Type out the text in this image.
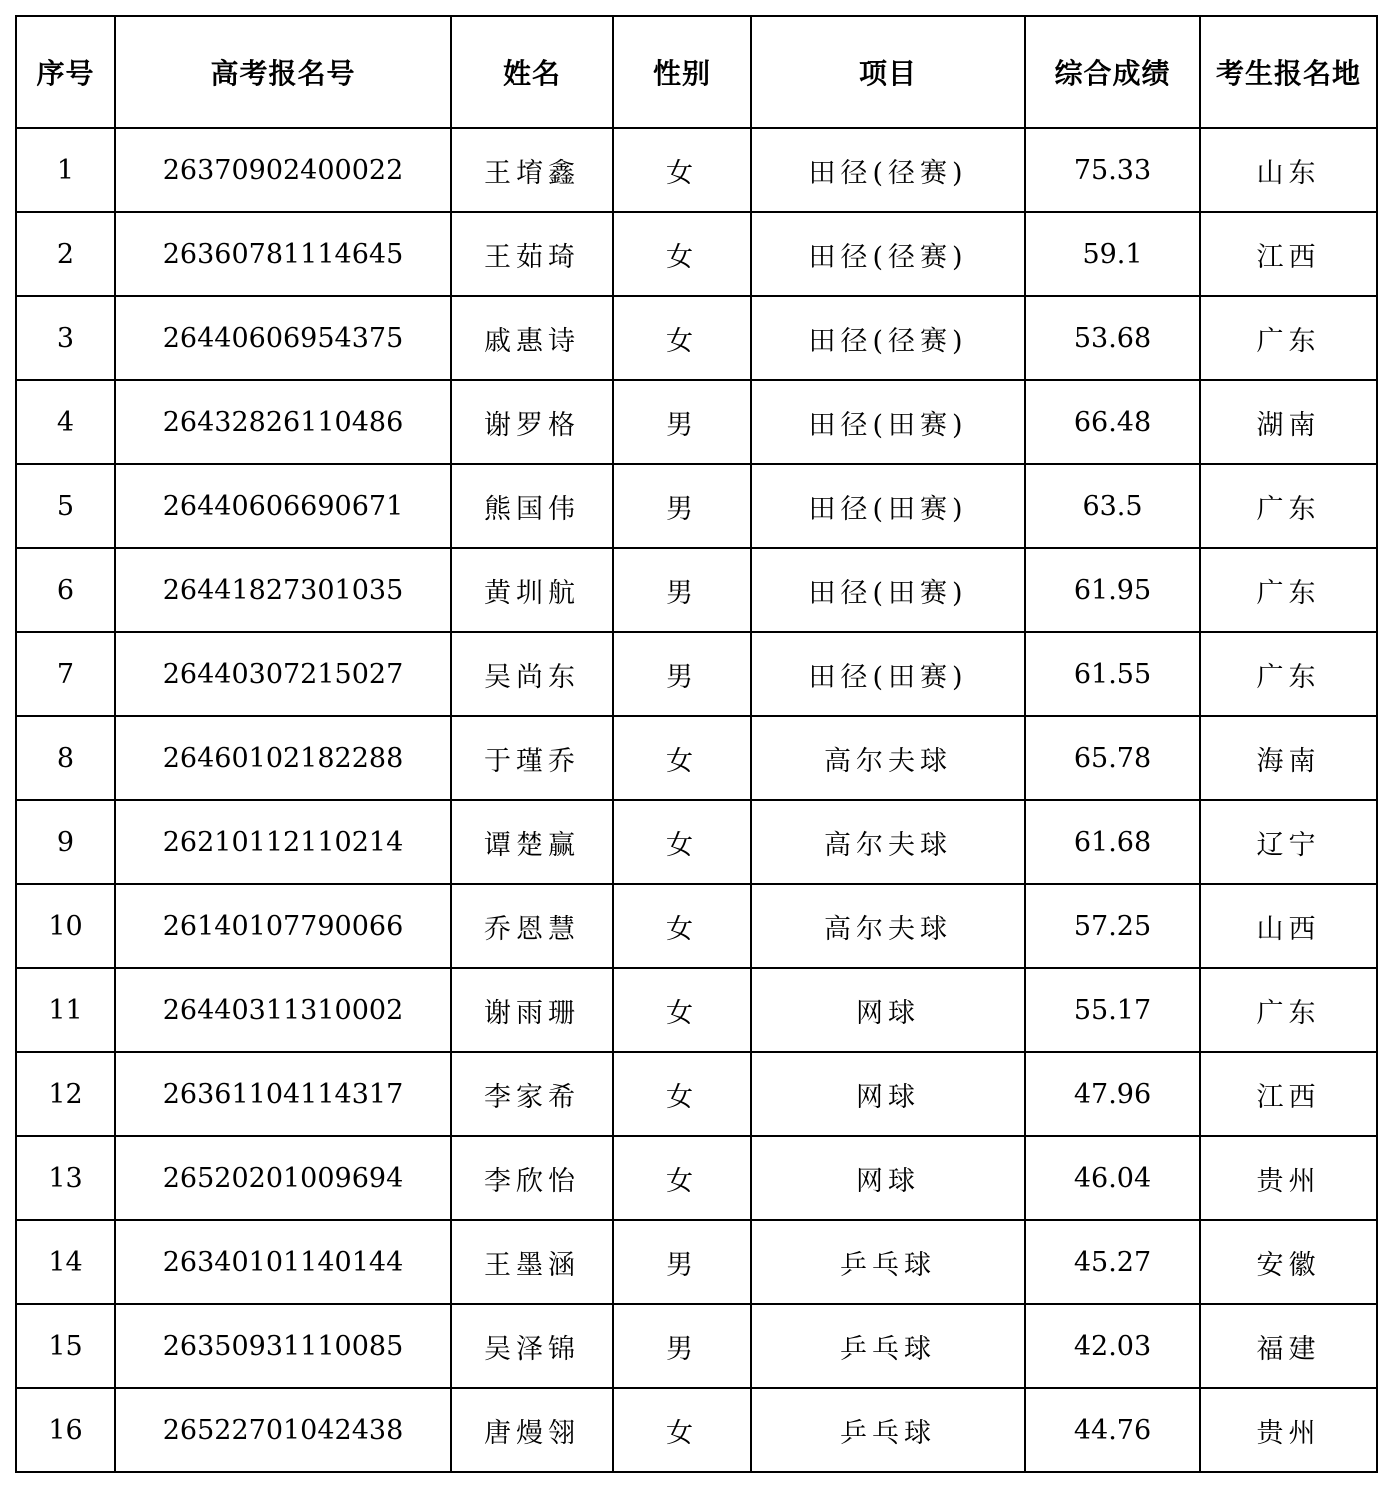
序号	高考报名号	姓名	性别	项目	综合成绩	考生报名地
1	26370902400022	王堉鑫	女	田径(径赛)	75.33	山东
2	26360781114645	王茹琦	女	田径(径赛)	59.1	江西
3	26440606954375	戚惠诗	女	田径(径赛)	53.68	广东
4	26432826110486	谢罗格	男	田径(田赛)	66.48	湖南
5	26440606690671	熊国伟	男	田径(田赛)	63.5	广东
6	26441827301035	黄圳航	男	田径(田赛)	61.95	广东
7	26440307215027	吴尚东	男	田径(田赛)	61.55	广东
8	26460102182288	于瑾乔	女	高尔夫球	65.78	海南
9	26210112110214	谭楚赢	女	高尔夫球	61.68	辽宁
10	26140107790066	乔恩慧	女	高尔夫球	57.25	山西
11	26440311310002	谢雨珊	女	网球	55.17	广东
12	26361104114317	李家希	女	网球	47.96	江西
13	26520201009694	李欣怡	女	网球	46.04	贵州
14	26340101140144	王墨涵	男	乒乓球	45.27	安徽
15	26350931110085	吴泽锦	男	乒乓球	42.03	福建
16	26522701042438	唐熳翎	女	乒乓球	44.76	贵州
